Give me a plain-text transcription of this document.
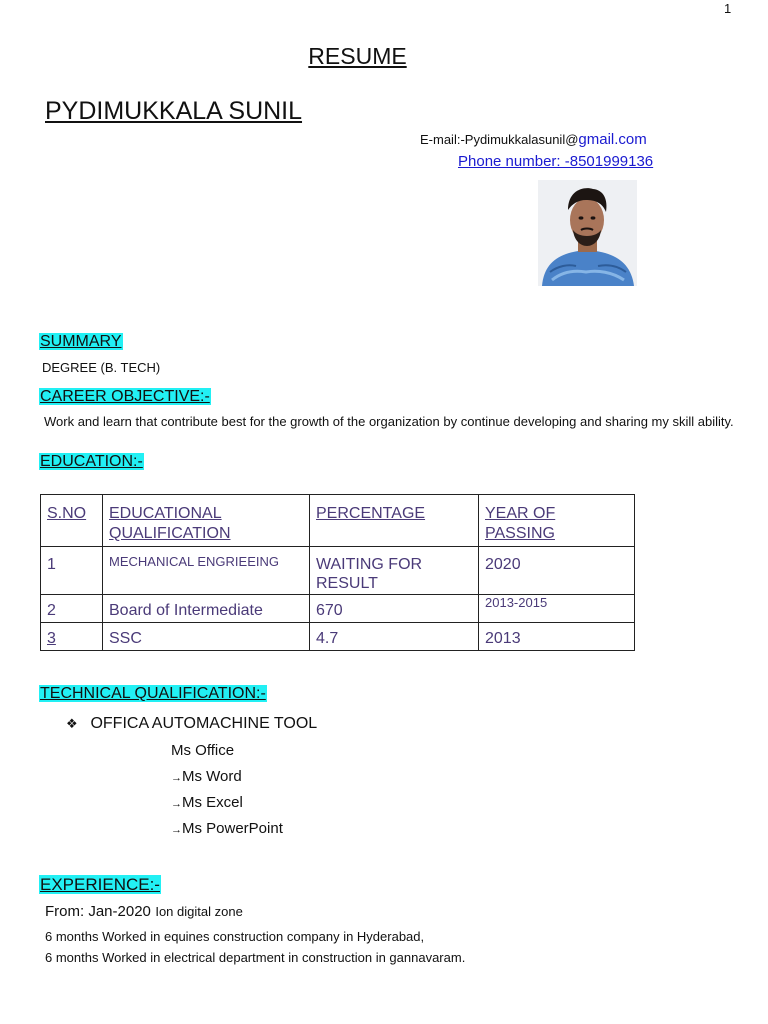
1
RESUME
PYDIMUKKALA SUNIL
E-mail:-Pydimukkalasunil@gmail.com
Phone number: -8501999136
SUMMARY
DEGREE (B. TECH)
CAREER OBJECTIVE:-
Work and learn that contribute best for the growth of the organization by continue developing and sharing my skill ability.
EDUCATION:-
S.NO	EDUCATIONAL QUALIFICATION	PERCENTAGE	YEAR OF PASSING
1	MECHANICAL ENGRIEEING	WAITING FOR RESULT	2020
2	Board of Intermediate	670	2013-2015
3	SSC	4.7	2013
TECHNICAL QUALIFICATION:-
❖ OFFICA AUTOMACHINE TOOL
Ms Office
→Ms Word
→Ms Excel
→Ms PowerPoint
EXPERIENCE:-
From: Jan-2020 Ion digital zone
6 months Worked in equines construction company in Hyderabad,
6 months Worked in electrical department in construction in gannavaram.
